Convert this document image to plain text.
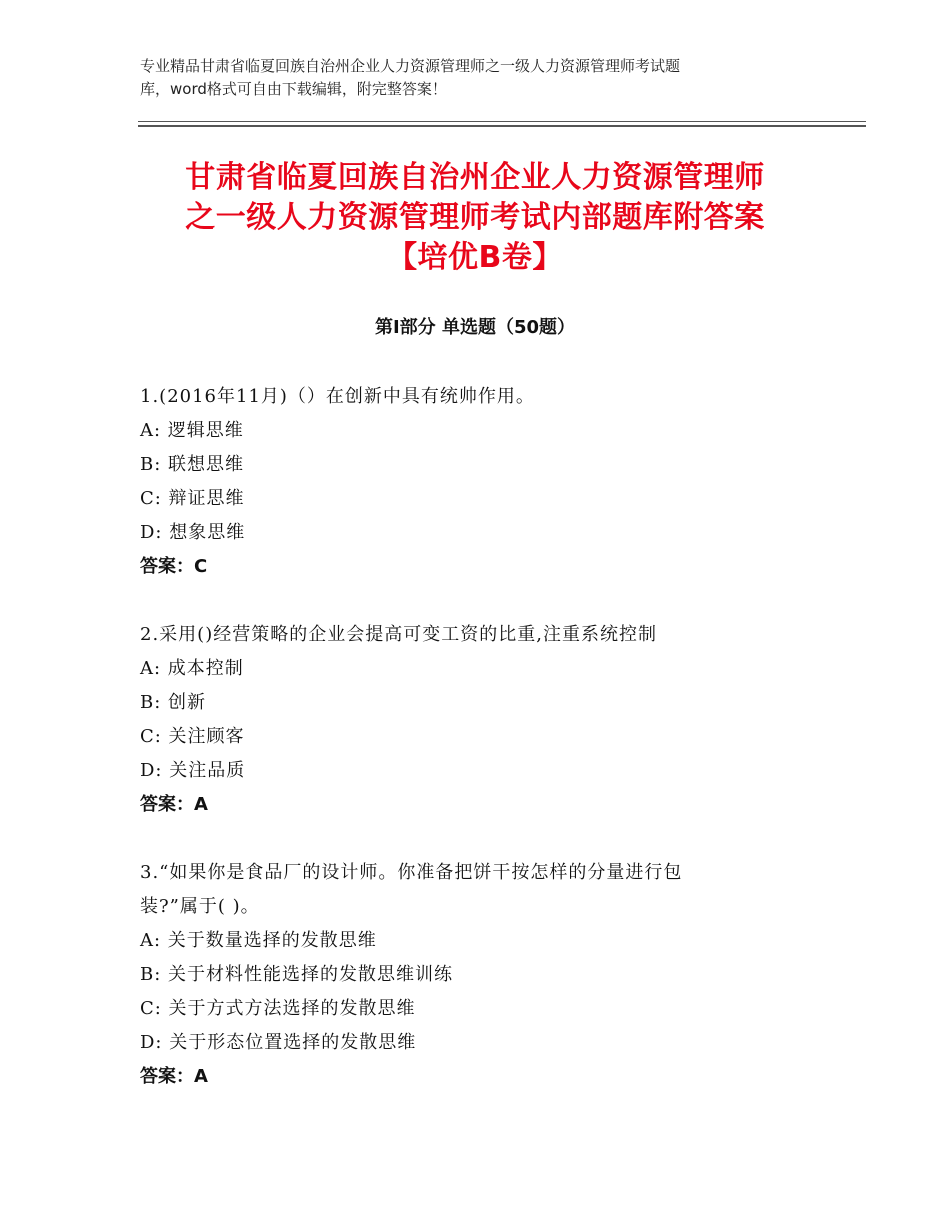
专业精品甘肃省临夏回族自治州企业人力资源管理师之一级人力资源管理师考试题
库，word格式可自由下载编辑，附完整答案！
甘肃省临夏回族自治州企业人力资源管理师
之一级人力资源管理师考试内部题库附答案
【培优B卷】
第Ⅰ部分 单选题（50题）
1.(2016年11月)（）在创新中具有统帅作用。
A: 逻辑思维
B: 联想思维
C: 辩证思维
D: 想象思维
答案：C
2.采用()经营策略的企业会提高可变工资的比重,注重系统控制
A: 成本控制
B: 创新
C: 关注顾客
D: 关注品质
答案：A
3.“如果你是食品厂的设计师。你准备把饼干按怎样的分量进行包
装?”属于( )。
A: 关于数量选择的发散思维
B: 关于材料性能选择的发散思维训练
C: 关于方式方法选择的发散思维
D: 关于形态位置选择的发散思维
答案：A
